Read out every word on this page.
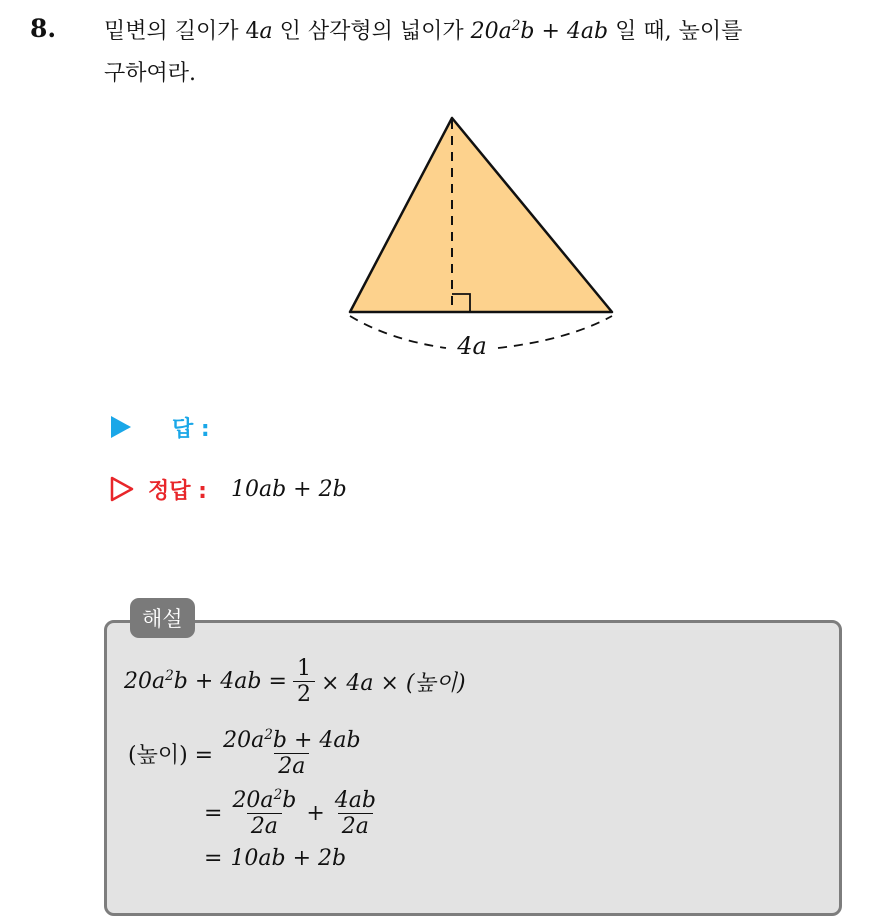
8. 밑변의 길이가 4a 인 삼각형의 넓이가 $20a^2b + 4ab$ 일 때, 높이를
구하여라.
4a
답 :
정답 : 10ab + 2b
해설
$20a^2b + 4ab = \frac{1}{2} \times 4a$ × (높이)
(높이) = $\frac{20a^2b + 4ab}{2a}$
= $\frac{20a^2b}{2a} + \frac{4ab}{2a}$
= 10ab + 2b
